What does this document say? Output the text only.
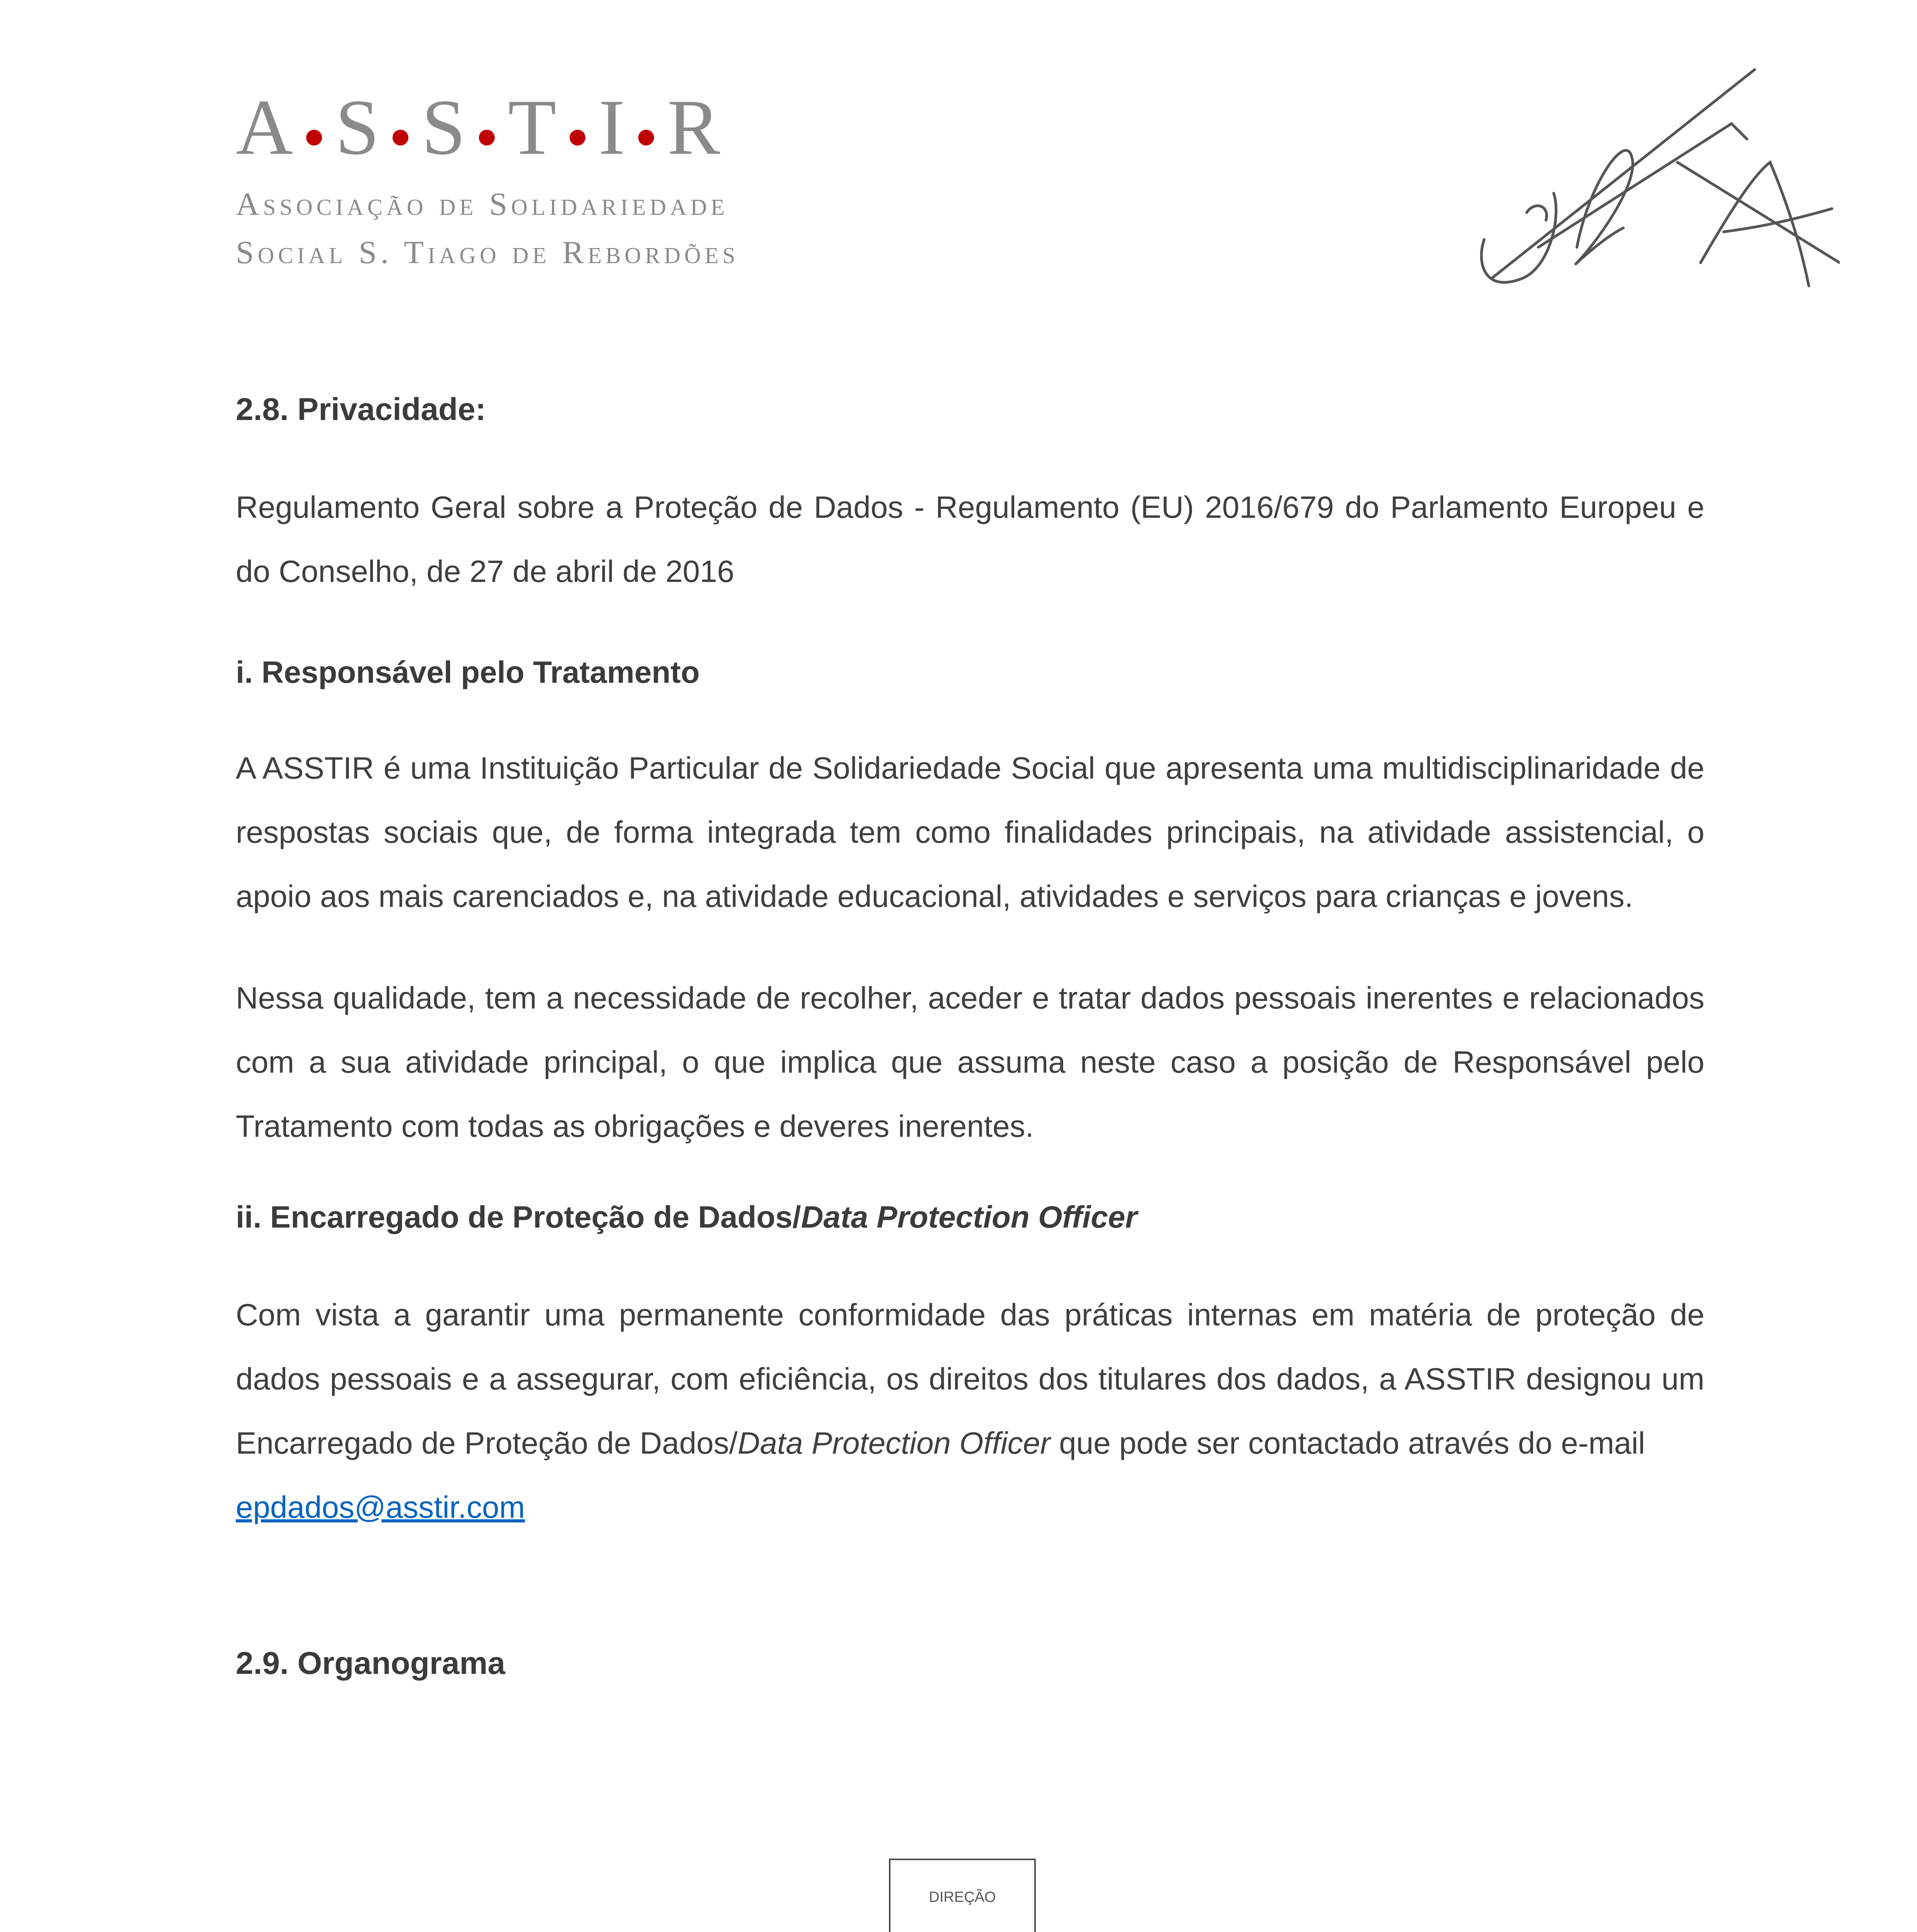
A ●S ●S ●T ●I ●R
Associação de Solidariedade
Social S. Tiago de Rebordões
2.8. Privacidade:

Regulamento Geral sobre a Proteção de Dados - Regulamento (EU) 2016/679 do Parlamento Europeu e do Conselho, de 27 de abril de 2016

i. Responsável pelo Tratamento

A ASSTIR é uma Instituição Particular de Solidariedade Social que apresenta uma multidisciplinaridade de respostas sociais que, de forma integrada tem como finalidades principais, na atividade assistencial, o apoio aos mais carenciados e, na atividade educacional, atividades e serviços para crianças e jovens.

Nessa qualidade, tem a necessidade de recolher, aceder e tratar dados pessoais inerentes e relacionados com a sua atividade principal, o que implica que assuma neste caso a posição de Responsável pelo Tratamento com todas as obrigações e deveres inerentes.

ii. Encarregado de Proteção de Dados/Data Protection Officer

Com vista a garantir uma permanente conformidade das práticas internas em matéria de proteção de dados pessoais e a assegurar, com eficiência, os direitos dos titulares dos dados, a ASSTIR designou um Encarregado de Proteção de Dados/Data Protection Officer que pode ser contactado através do e-mail

epdados@asstir.com

2.9. Organograma
DIREÇÃO
